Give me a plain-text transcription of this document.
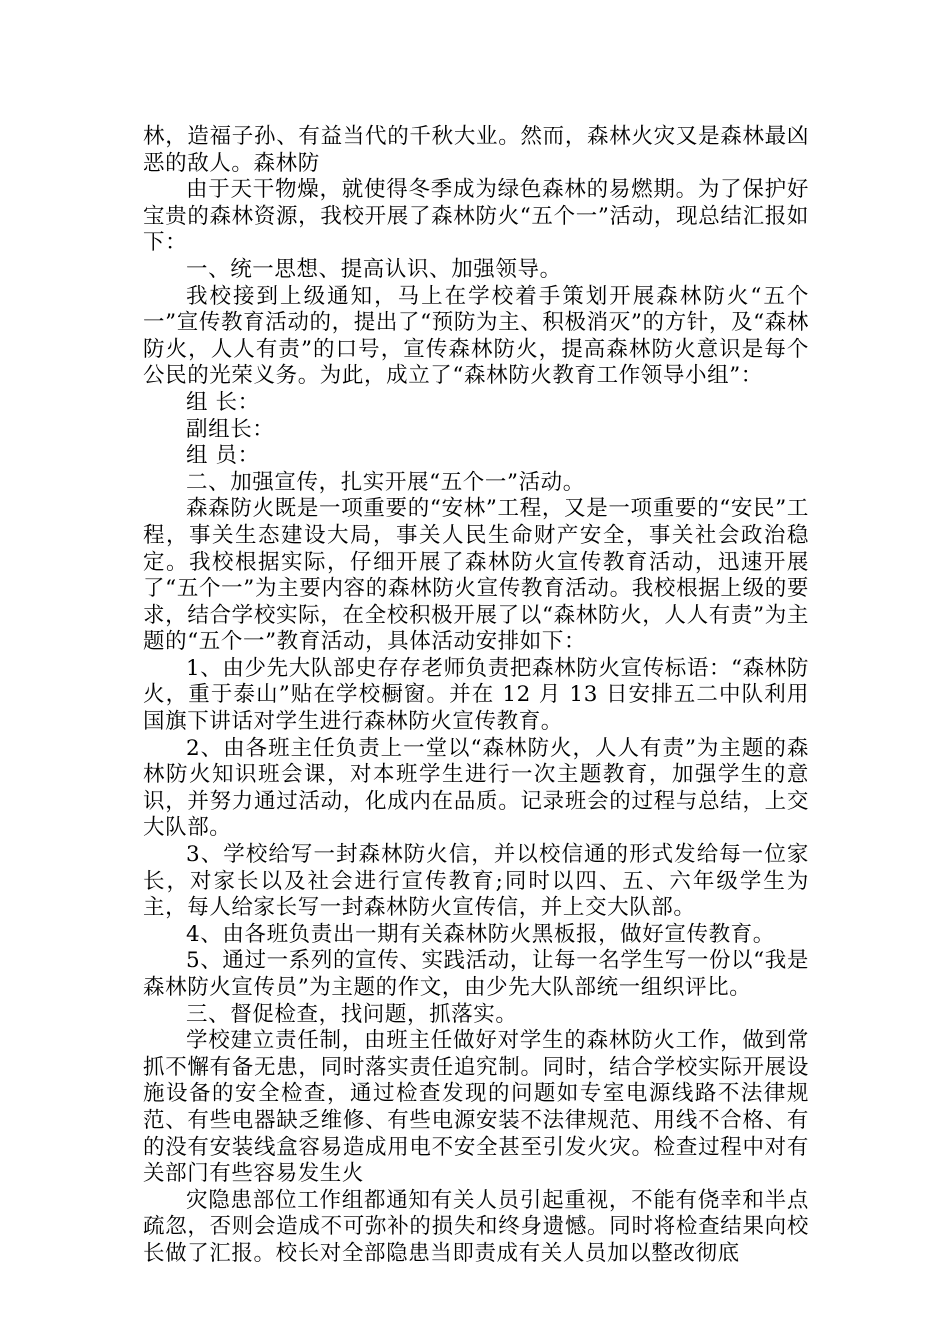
林，造福子孙、有益当代的千秋大业。然而，森林火灾又是森林最凶恶的敌人。森林防

由于天干物燥，就使得冬季成为绿色森林的易燃期。为了保护好宝贵的森林资源，我校开展了森林防火“五个一”活动，现总结汇报如下：

一、统一思想、提高认识、加强领导。

我校接到上级通知，马上在学校着手策划开展森林防火“五个一”宣传教育活动的，提出了“预防为主、积极消灭”的方针，及“森林防火，人人有责”的口号，宣传森林防火，提高森林防火意识是每个公民的光荣义务。为此，成立了“森林防火教育工作领导小组”：

组 长：

副组长：

组 员：

二、加强宣传，扎实开展“五个一”活动。

森森防火既是一项重要的“安林”工程，又是一项重要的“安民”工程，事关生态建设大局，事关人民生命财产安全，事关社会政治稳定。我校根据实际，仔细开展了森林防火宣传教育活动，迅速开展了“五个一”为主要内容的森林防火宣传教育活动。我校根据上级的要求，结合学校实际，在全校积极开展了以“森林防火，人人有责”为主题的“五个一”教育活动，具体活动安排如下：

1、由少先大队部史存存老师负责把森林防火宣传标语：“森林防火，重于泰山”贴在学校橱窗。并在 12 月 13 日安排五二中队利用国旗下讲话对学生进行森林防火宣传教育。

2、由各班主任负责上一堂以“森林防火，人人有责”为主题的森林防火知识班会课，对本班学生进行一次主题教育，加强学生的意识，并努力通过活动，化成内在品质。记录班会的过程与总结，上交大队部。

3、学校给写一封森林防火信，并以校信通的形式发给每一位家长，对家长以及社会进行宣传教育;同时以四、五、六年级学生为主，每人给家长写一封森林防火宣传信，并上交大队部。

4、由各班负责出一期有关森林防火黑板报，做好宣传教育。

5、通过一系列的宣传、实践活动，让每一名学生写一份以“我是森林防火宣传员”为主题的作文，由少先大队部统一组织评比。

三、督促检查，找问题，抓落实。

学校建立责任制，由班主任做好对学生的森林防火工作，做到常抓不懈有备无患，同时落实责任追究制。同时，结合学校实际开展设施设备的安全检查，通过检查发现的问题如专室电源线路不法律规范、有些电器缺乏维修、有些电源安装不法律规范、用线不合格、有的没有安装线盒容易造成用电不安全甚至引发火灾。检查过程中对有关部门有些容易发生火

灾隐患部位工作组都通知有关人员引起重视，不能有侥幸和半点疏忽，否则会造成不可弥补的损失和终身遗憾。同时将检查结果向校长做了汇报。校长对全部隐患当即责成有关人员加以整改彻底
